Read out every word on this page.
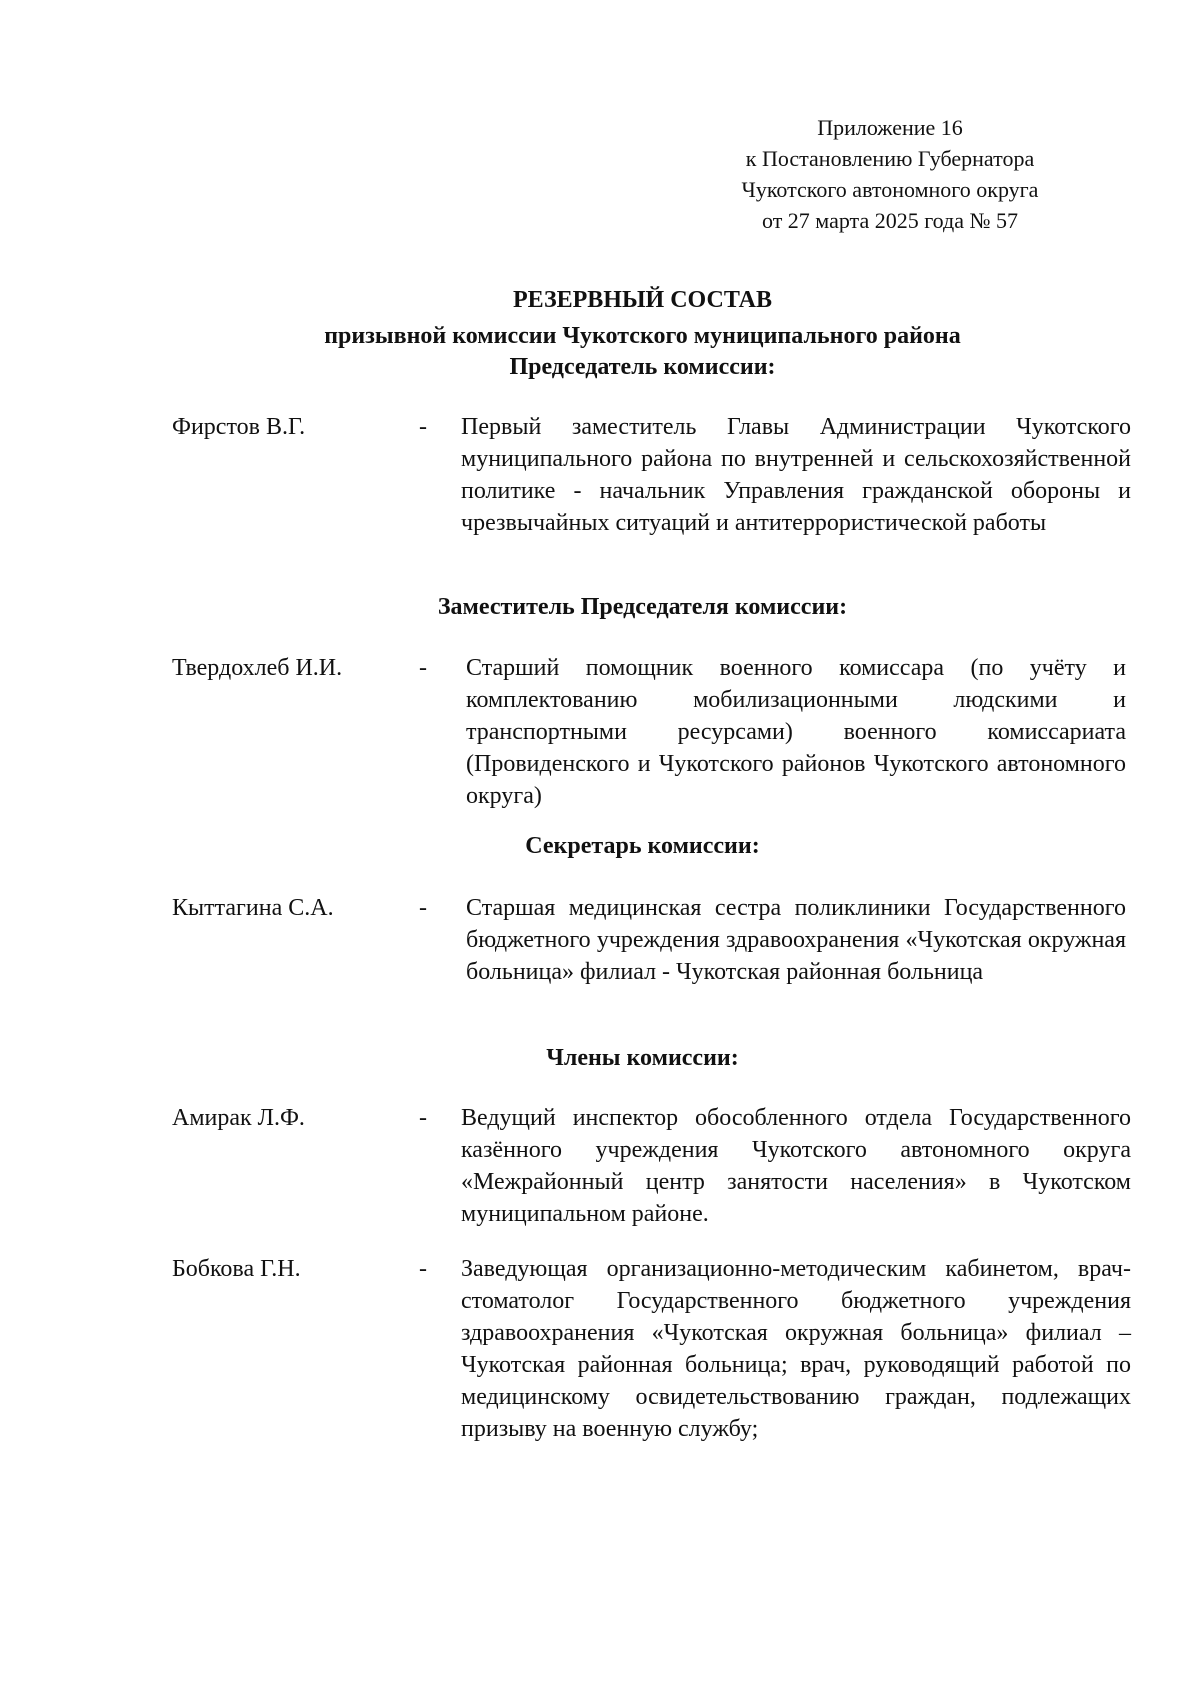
Приложение 16
к Постановлению Губернатора
Чукотского автономного округа
от 27 марта 2025 года № 57
РЕЗЕРВНЫЙ СОСТАВ
призывной комиссии Чукотского муниципального района
Председатель комиссии:
Фирстов В.Г.	- Первый заместитель Главы Администрации Чукотского муниципального района по внутренней и сельскохозяйственной политике - начальник Управления гражданской обороны и чрезвычайных ситуаций и антитеррористической работы
Заместитель Председателя комиссии:
Твердохлеб И.И.	- Старший помощник военного комиссара (по учёту и комплектованию мобилизационными людскими и транспортными ресурсами) военного комиссариата (Провиденского и Чукотского районов Чукотского автономного округа)
Секретарь комиссии:
Кыттагина С.А.	- Старшая медицинская сестра поликлиники Государственного бюджетного учреждения здравоохранения «Чукотская окружная больница» филиал - Чукотская районная больница
Члены комиссии:
Амирак Л.Ф.	- Ведущий инспектор обособленного отдела Государственного казённого учреждения Чукотского автономного округа «Межрайонный центр занятости населения» в Чукотском муниципальном районе.
Бобкова Г.Н.	- Заведующая организационно-методическим кабинетом, врач-стоматолог Государственного бюджетного учреждения здравоохранения «Чукотская окружная больница» филиал – Чукотская районная больница; врач, руководящий работой по медицинскому освидетельствованию граждан, подлежащих призыву на военную службу;
